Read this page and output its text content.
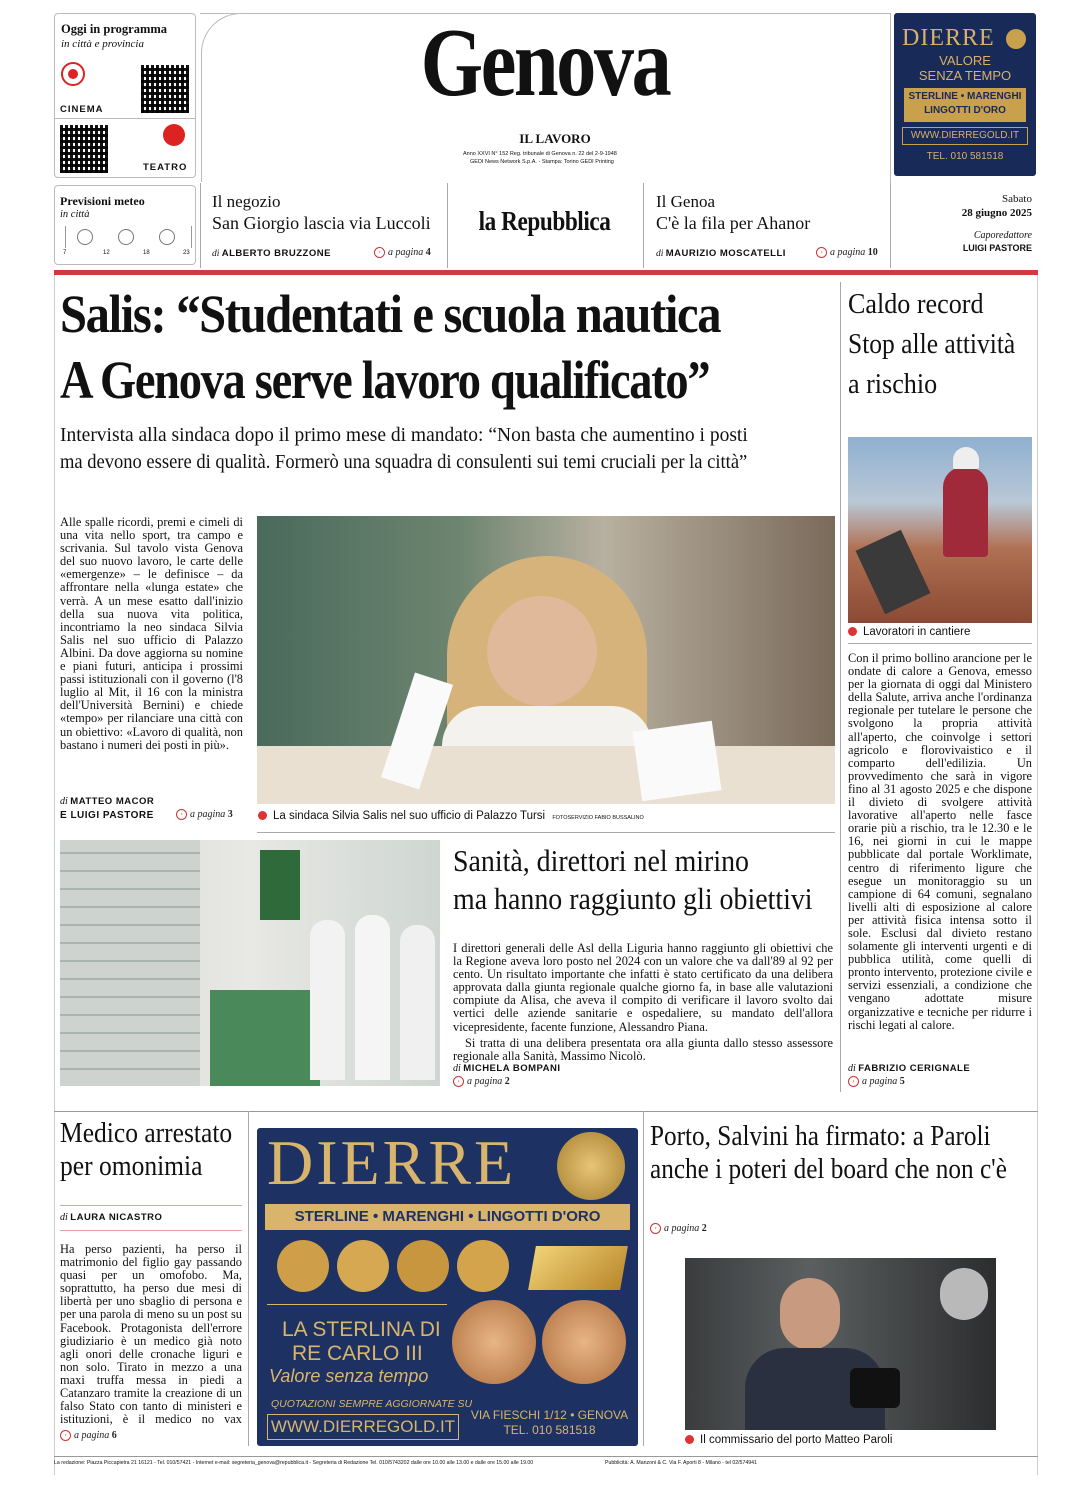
Oggi in programma
in città e provincia
CINEMA
TEATRO
Genova
IL LAVORO
Anno XXVI N° 152 Reg. tribunale di Genova n. 22 del 2-9-1948
GEDI News Network S.p.A. - Stampa: Torino GEDI Printing
DIERRE
VALORE
SENZA TEMPO
STERLINE • MARENGHI
LINGOTTI D'ORO
WWW.DIERREGOLD.IT
TEL. 010 581518
Previsioni meteo
in città
7	12	18	23
Il negozio
San Giorgio lascia via Luccoli
di ALBERTO BRUZZONE	› a pagina 4
la Repubblica
Il Genoa
C'è la fila per Ahanor
di MAURIZIO MOSCATELLI	› a pagina 10
Sabato
28 giugno 2025
Caporedattore
LUIGI PASTORE
Salis: “Studentati e scuola nautica
A Genova serve lavoro qualificato”
Intervista alla sindaca dopo il primo mese di mandato: “Non basta che aumentino i posti
ma devono essere di qualità. Formerò una squadra di consulenti sui temi cruciali per la città”
Alle spalle ricordi, premi e cimeli di una vita nello sport, tra campo e scrivania. Sul tavolo vista Genova del suo nuovo lavoro, le carte delle «emergenze» – le definisce – da affrontare nella «lunga estate» che verrà. A un mese esatto dall'inizio della sua nuova vita politica, incontriamo la neo sindaca Silvia Salis nel suo ufficio di Palazzo Albini. Da dove aggiorna su nomine e piani futuri, anticipa i prossimi passi istituzionali con il governo (l'8 luglio al Mit, il 16 con la ministra dell'Università Bernini) e chiede «tempo» per rilanciare una città con un obiettivo: «Lavoro di qualità, non bastano i numeri dei posti in più».
di MATTEO MACOR
E LUIGI PASTORE	› a pagina 3	La sindaca Silvia Salis nel suo ufficio di Palazzo Tursi FOTOSERVIZIO FABIO BUSSALINO
Caldo record
Stop alle attività
a rischio
Lavoratori in cantiere
Con il primo bollino arancione per le ondate di calore a Genova, emesso per la giornata di oggi dal Ministero della Salute, arriva anche l'ordinanza regionale per tutelare le persone che svolgono la propria attività all'aperto, che coinvolge i settori agricolo e florovivaistico e il comparto dell'edilizia. Un provvedimento che sarà in vigore fino al 31 agosto 2025 e che dispone il divieto di svolgere attività lavorative all'aperto nelle fasce orarie più a rischio, tra le 12.30 e le 16, nei giorni in cui le mappe pubblicate dal portale Worklimate, centro di riferimento ligure che esegue un monitoraggio su un campione di 64 comuni, segnalano livelli alti di esposizione al calore per attività fisica intensa sotto il sole. Esclusi dal divieto restano solamente gli interventi urgenti e di pubblica utilità, come quelli di pronto intervento, protezione civile e servizi essenziali, a condizione che vengano adottate misure organizzative e tecniche per ridurre i rischi legati al calore.
di FABRIZIO CERIGNALE
› a pagina 5
Sanità, direttori nel mirino
ma hanno raggiunto gli obiettivi
I direttori generali delle Asl della Liguria hanno raggiunto gli obiettivi che la Regione aveva loro posto nel 2024 con un valore che va dall'89 al 92 per cento. Un risultato importante che infatti è stato certificato da una delibera approvata dalla giunta regionale qualche giorno fa, in base alle valutazioni compiute da Alisa, che aveva il compito di verificare il lavoro svolto dai vertici delle aziende sanitarie e ospedaliere, su mandato dell'allora vicepresidente, facente funzione, Alessandro Piana.
Si tratta di una delibera presentata ora alla giunta dallo stesso assessore regionale alla Sanità, Massimo Nicolò.
di MICHELA BOMPANI
› a pagina 2
Medico arrestato
per omonimia
di LAURA NICASTRO
Ha perso pazienti, ha perso il matrimonio del figlio gay passando quasi per un omofobo. Ma, soprattutto, ha perso due mesi di libertà per uno sbaglio di persona e per una parola di meno su un post su Facebook. Protagonista dell'errore giudiziario è un medico già noto agli onori delle cronache liguri e non solo. Tirato in mezzo a una maxi truffa messa in piedi a Catanzaro tramite la creazione di un falso Stato con tanto di ministeri e istituzioni, è il medico no vax
› a pagina 6
DIERRE
STERLINE • MARENGHI • LINGOTTI D'ORO
LA STERLINA DI
RE CARLO III
Valore senza tempo
QUOTAZIONI SEMPRE AGGIORNATE SU
WWW.DIERREGOLD.IT
VIA FIESCHI 1/12 • GENOVA
TEL. 010 581518
Porto, Salvini ha firmato: a Paroli
anche i poteri del board che non c'è
› a pagina 2
Il commissario del porto Matteo Paroli
La redazione: Piazza Piccapietra 21 16121 - Tel. 010/57421 - Internet e-mail: segreteria_genova@repubblica.it - Segreteria di Redazione Tel. 010/5743202 dalle ore 10.00 alle 13.00 e dalle ore 15.00 alle 19.00	Pubblicità: A. Manzoni & C. Via F. Aporti 8 - Milano - tel 02/574941
